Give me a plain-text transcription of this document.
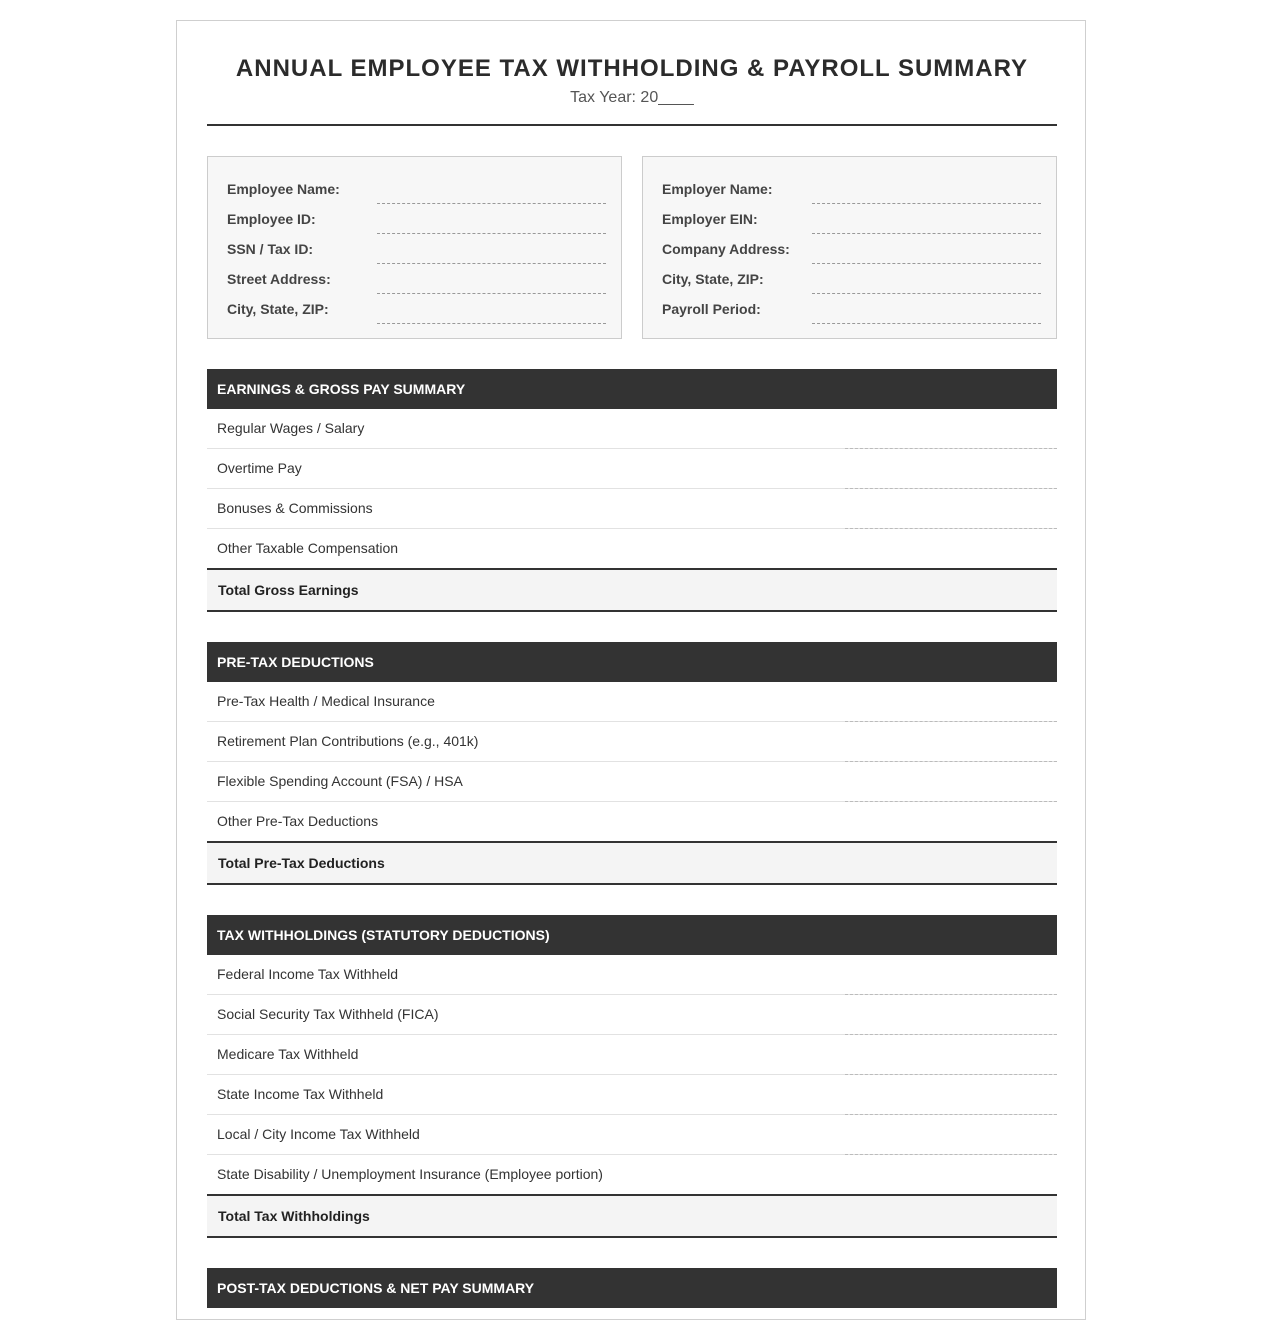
ANNUAL EMPLOYEE TAX WITHHOLDING & PAYROLL SUMMARY
Tax Year: 20____
Employee Name:
Employee ID:
SSN / Tax ID:
Street Address:
City, State, ZIP:
Employer Name:
Employer EIN:
Company Address:
City, State, ZIP:
Payroll Period:
EARNINGS & GROSS PAY SUMMARY
Regular Wages / Salary
Overtime Pay
Bonuses & Commissions
Other Taxable Compensation
Total Gross Earnings
PRE-TAX DEDUCTIONS
Pre-Tax Health / Medical Insurance
Retirement Plan Contributions (e.g., 401k)
Flexible Spending Account (FSA) / HSA
Other Pre-Tax Deductions
Total Pre-Tax Deductions
TAX WITHHOLDINGS (STATUTORY DEDUCTIONS)
Federal Income Tax Withheld
Social Security Tax Withheld (FICA)
Medicare Tax Withheld
State Income Tax Withheld
Local / City Income Tax Withheld
State Disability / Unemployment Insurance (Employee portion)
Total Tax Withholdings
POST-TAX DEDUCTIONS & NET PAY SUMMARY
